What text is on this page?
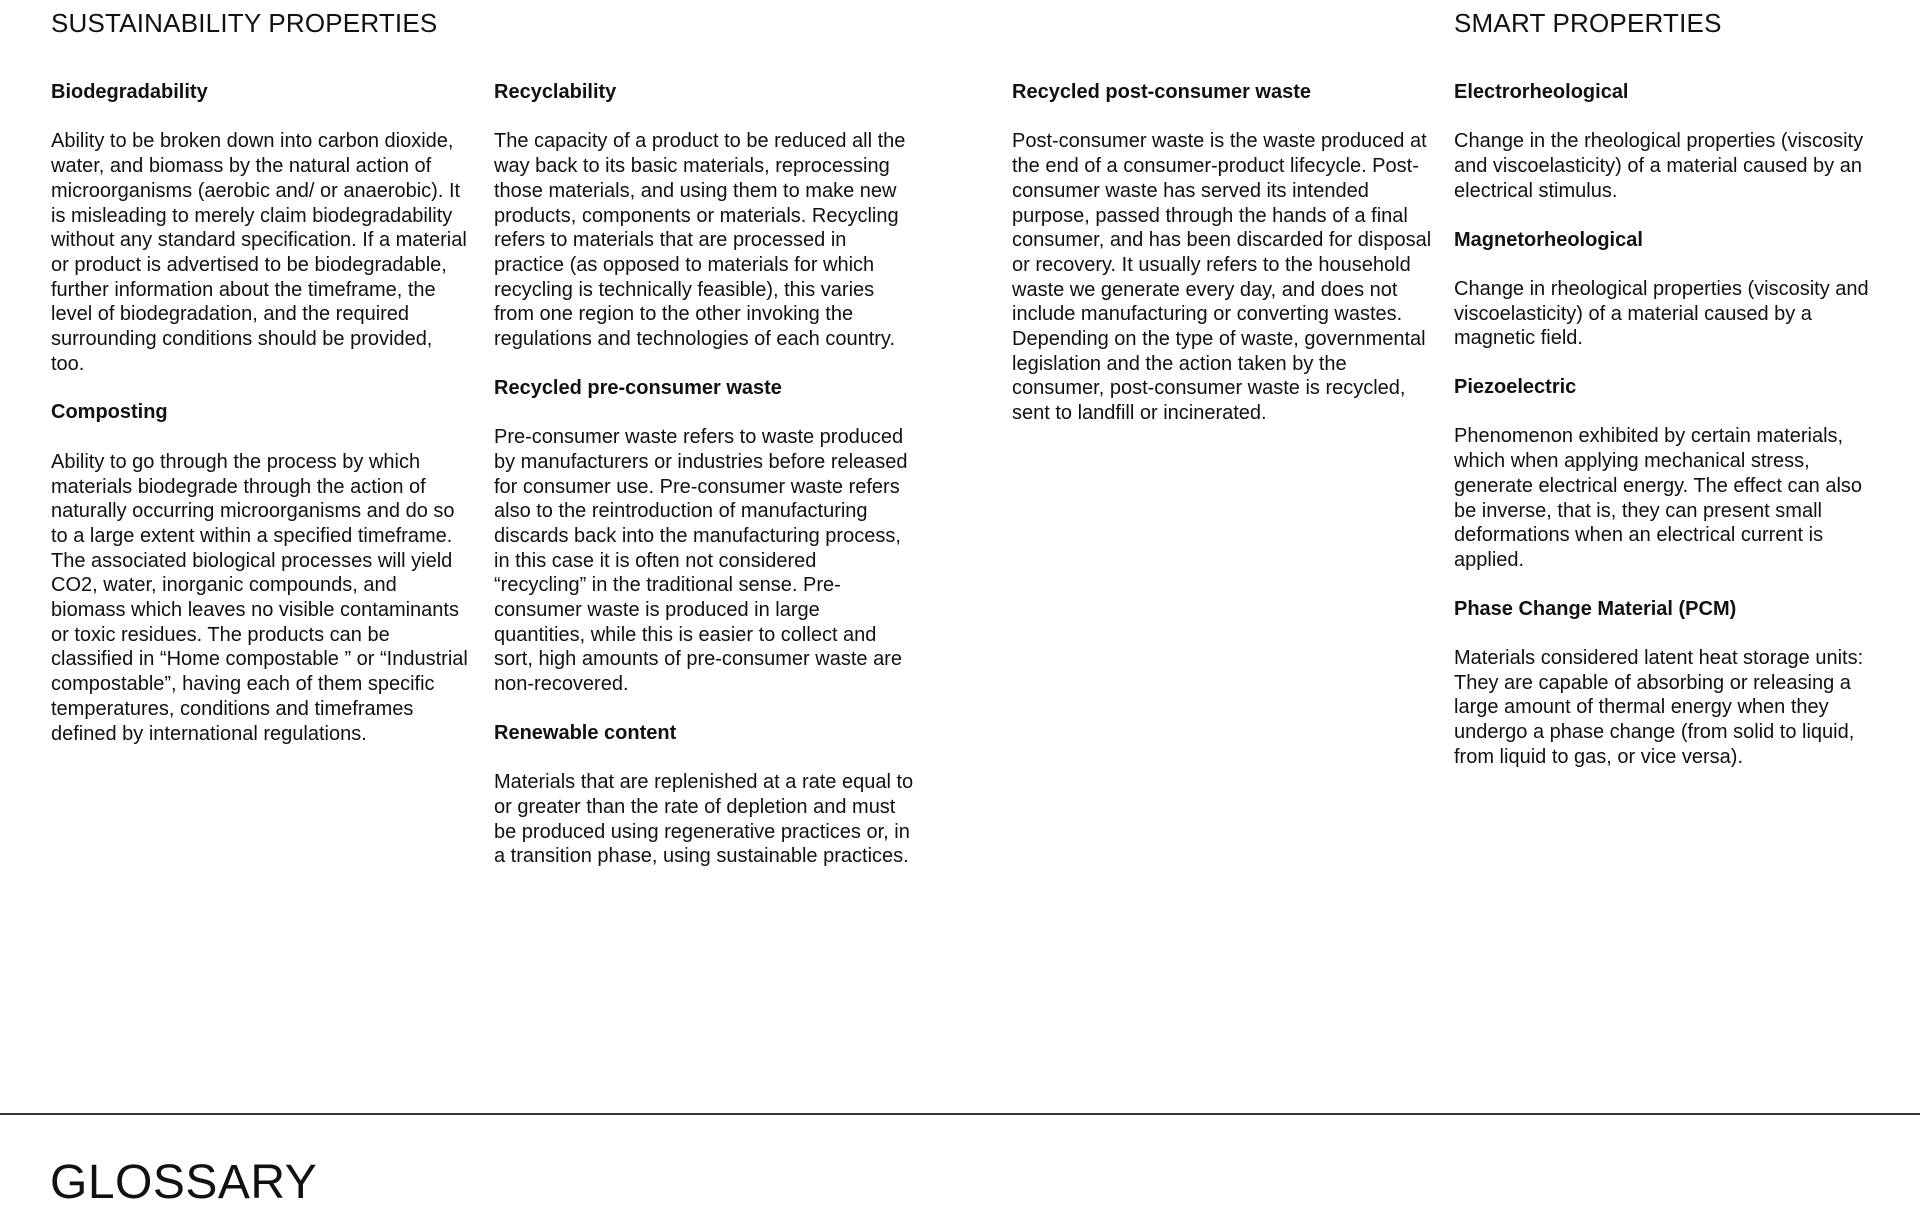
SUSTAINABILITY PROPERTIES	SMART PROPERTIES
Biodegradability

Ability to be broken down into carbon dioxide, water, and biomass by the natural action of microorganisms (aerobic and/ or anaerobic). It is misleading to merely claim biodegradability without any standard specification. If a material or product is advertised to be biodegradable, further information about the timeframe, the level of biodegradation, and the required surrounding conditions should be provided, too.

Composting

Ability to go through the process by which materials biodegrade through the action of naturally occurring microorganisms and do so to a large extent within a specified timeframe. The associated biological processes will yield CO2, water, inorganic compounds, and biomass which leaves no visible contaminants or toxic residues. The products can be classified in “Home compostable ” or “Industrial compostable”, having each of them specific temperatures, conditions and timeframes defined by international regulations.

Recyclability

The capacity of a product to be reduced all the way back to its basic materials, reprocessing those materials, and using them to make new products, components or materials. Recycling refers to materials that are processed in practice (as opposed to materials for which recycling is technically feasible), this varies from one region to the other invoking the regulations and technologies of each country.

Recycled pre-consumer waste

Pre-consumer waste refers to waste produced by manufacturers or industries before released for consumer use. Pre-consumer waste refers also to the reintroduction of manufacturing discards back into the manufacturing process, in this case it is often not considered “recycling” in the traditional sense. Pre-consumer waste is produced in large quantities, while this is easier to collect and sort, high amounts of pre-consumer waste are non-recovered.

Renewable content

Materials that are replenished at a rate equal to or greater than the rate of depletion and must be produced using regenerative practices or, in a transition phase, using sustainable practices.

Recycled post-consumer waste

Post-consumer waste is the waste produced at the end of a consumer-product lifecycle. Post-consumer waste has served its intended purpose, passed through the hands of a final consumer, and has been discarded for disposal or recovery. It usually refers to the household waste we generate every day, and does not include manufacturing or converting wastes. Depending on the type of waste, governmental legislation and the action taken by the consumer, post-consumer waste is recycled, sent to landfill or incinerated.

Electrorheological

Change in the rheological properties (viscosity and viscoelasticity) of a material caused by an electrical stimulus.

Magnetorheological

Change in rheological properties (viscosity and viscoelasticity) of a material caused by a magnetic field.

Piezoelectric

Phenomenon exhibited by certain materials, which when applying mechanical stress, generate electrical energy. The effect can also be inverse, that is, they can present small deformations when an electrical current is applied.

Phase Change Material (PCM)

Materials considered latent heat storage units: They are capable of absorbing or releasing a large amount of thermal energy when they undergo a phase change (from solid to liquid, from liquid to gas, or vice versa).

GLOSSARY
